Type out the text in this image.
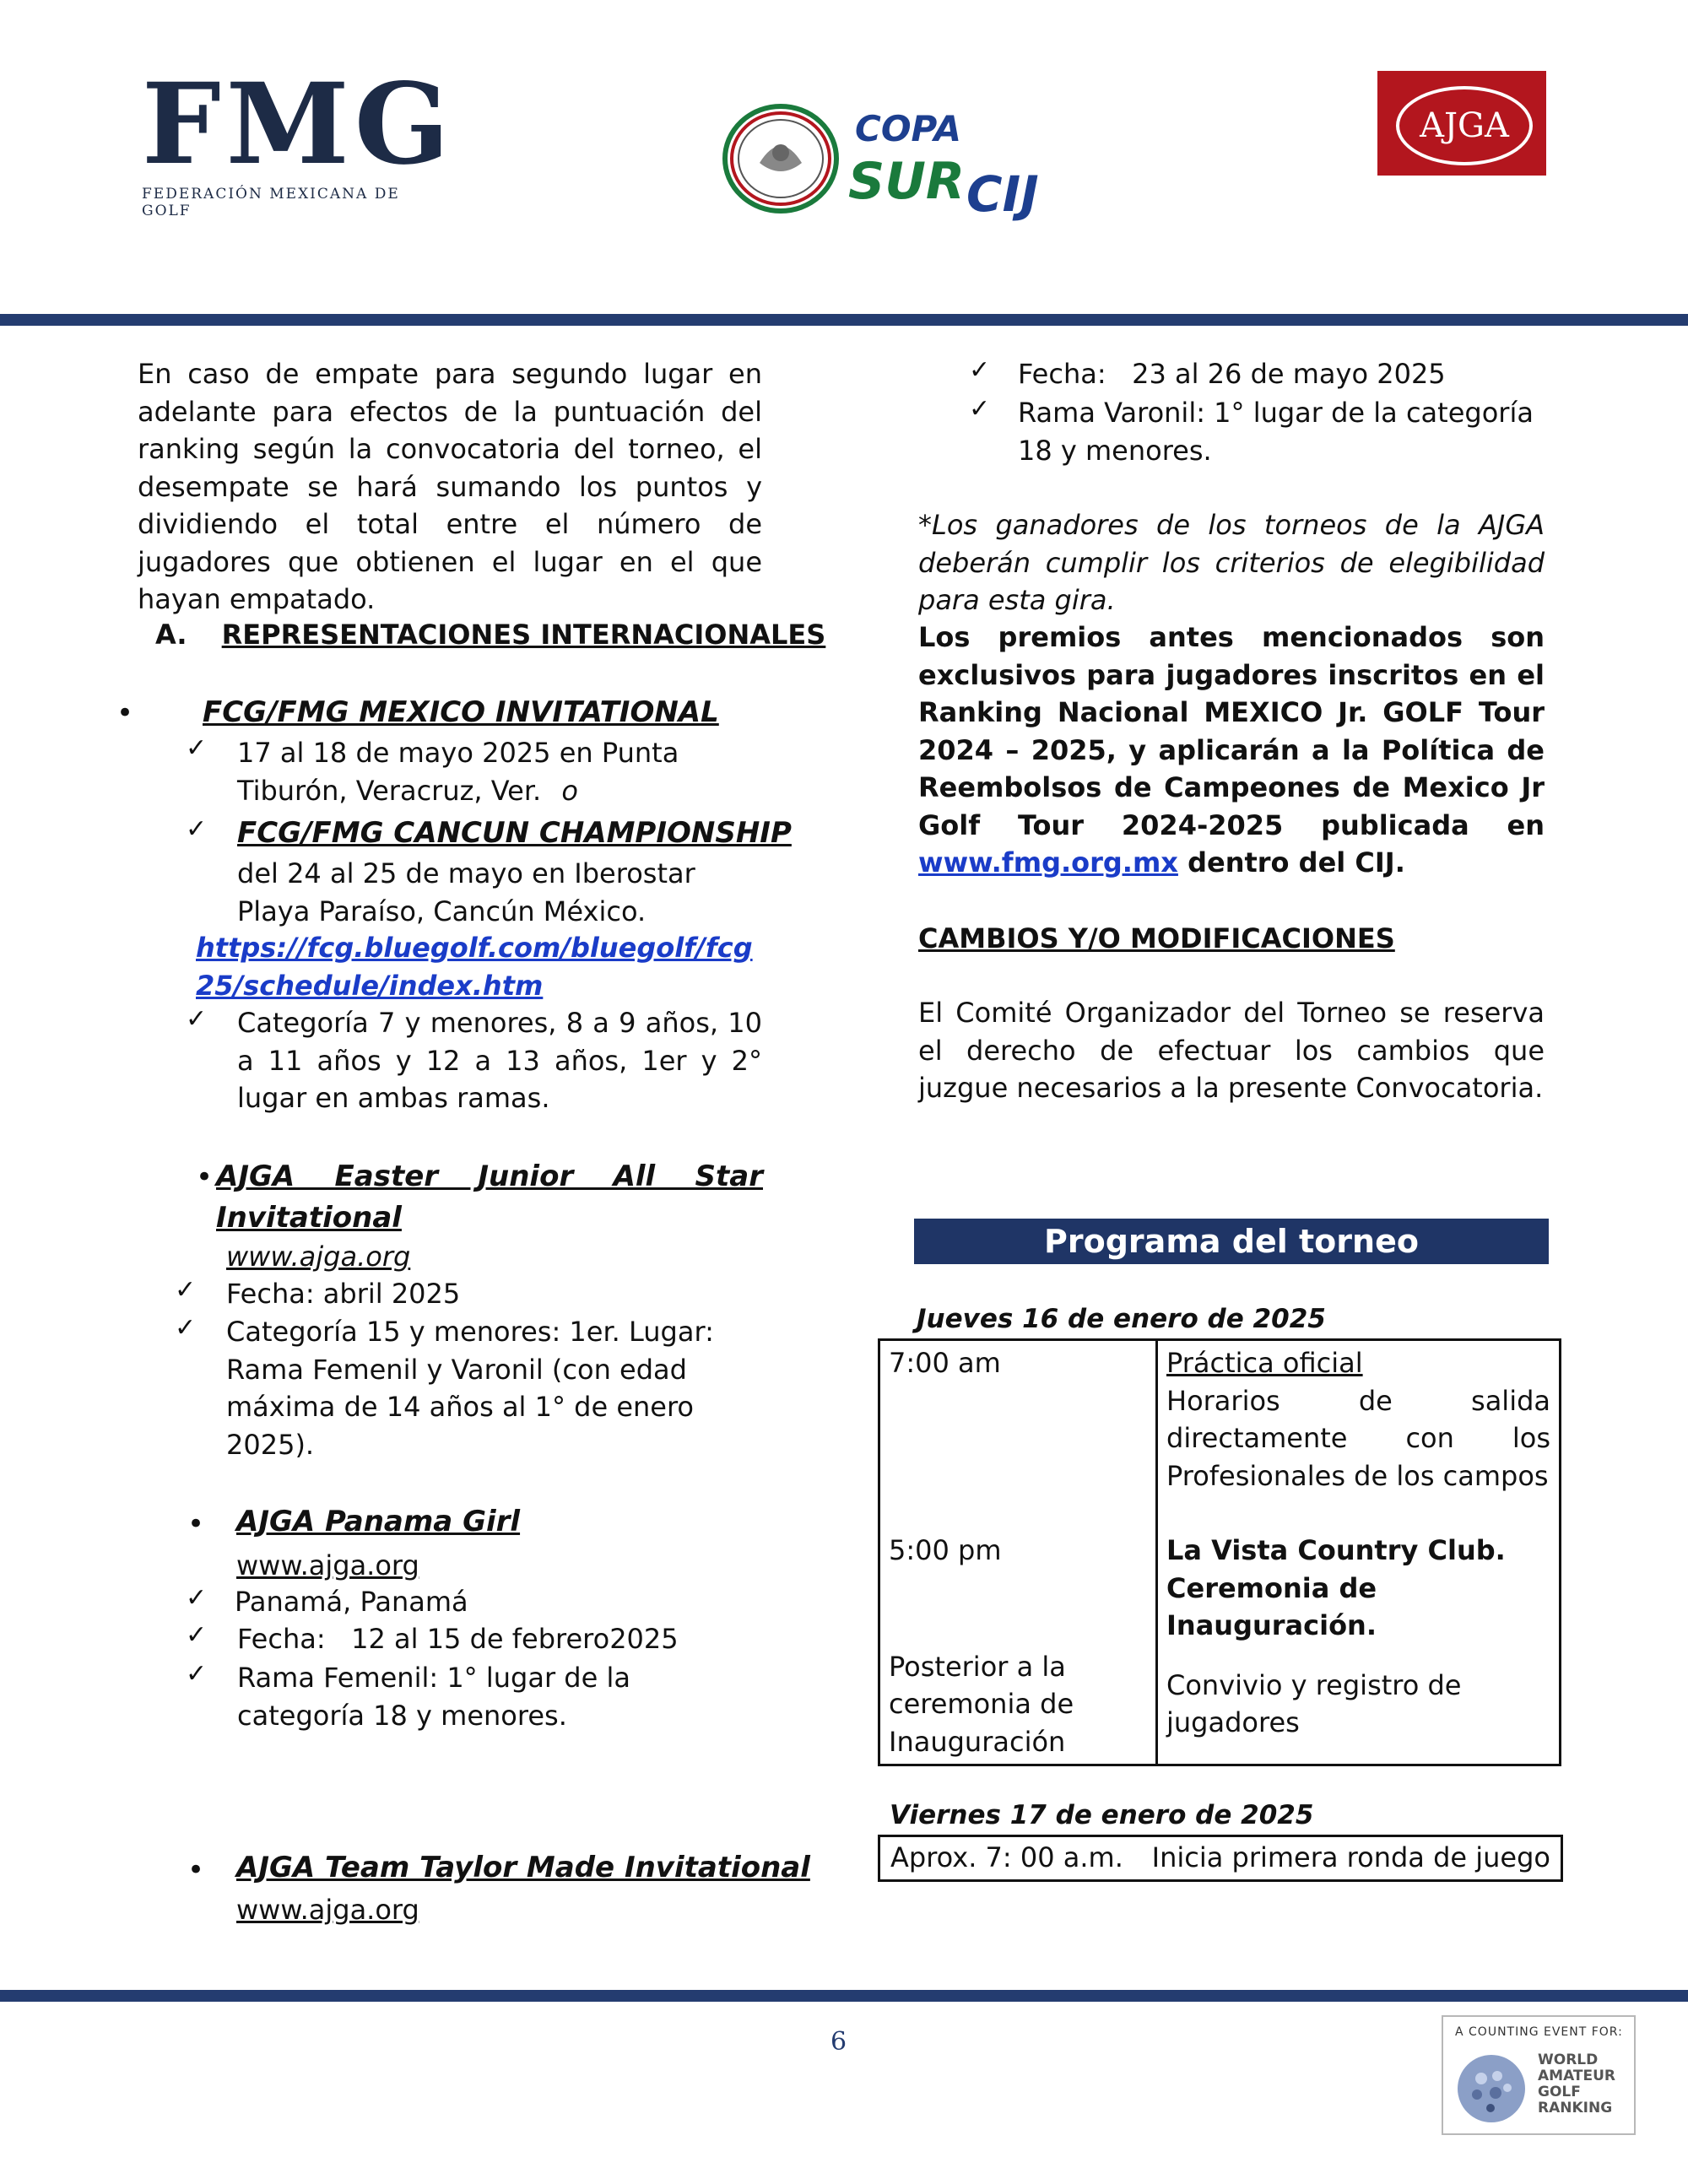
FMG
FEDERACIÓN MEXICANA DE GOLF
COPA
SUR CIJ
AJGA
En caso de empate para segundo lugar en adelante para efectos de la puntuación del ranking según la convocatoria del torneo, el desempate se hará sumando los puntos y dividiendo el total entre el número de jugadores que obtienen el lugar en el que hayan empatado.
A. REPRESENTACIONES INTERNACIONALES
• FCG/FMG MEXICO INVITATIONAL
✓ 17 al 18 de mayo 2025 en Punta Tiburón, Veracruz, Ver. o
✓ FCG/FMG CANCUN CHAMPIONSHIP
del 24 al 25 de mayo en Iberostar Playa Paraíso, Cancún México.
https://fcg.bluegolf.com/bluegolf/fcg25/schedule/index.htm
✓ Categoría 7 y menores, 8 a 9 años, 10 a 11 años y 12 a 13 años, 1er y 2° lugar en ambas ramas.
• AJGA Easter Junior All Star Invitational
www.ajga.org
✓ Fecha: abril 2025
✓ Categoría 15 y menores: 1er. Lugar: Rama Femenil y Varonil (con edad máxima de 14 años al 1° de enero 2025).
• AJGA Panama Girl
www.ajga.org
✓ Panamá, Panamá
✓ Fecha:   12 al 15 de febrero2025
✓ Rama Femenil: 1° lugar de la categoría 18 y menores.
• AJGA Team Taylor Made Invitational
www.ajga.org
✓ Fecha:   23 al 26 de mayo 2025
✓ Rama Varonil: 1° lugar de la categoría 18 y menores.
*Los ganadores de los torneos de la AJGA deberán cumplir los criterios de elegibilidad para esta gira.
Los premios antes mencionados son exclusivos para jugadores inscritos en el Ranking Nacional MEXICO Jr. GOLF Tour 2024 – 2025, y aplicarán a la Política de Reembolsos de Campeones de Mexico Jr Golf Tour 2024-2025 publicada en www.fmg.org.mx dentro del CIJ.
CAMBIOS Y/O MODIFICACIONES
El Comité Organizador del Torneo se reserva el derecho de efectuar los cambios que juzgue necesarios a la presente Convocatoria.
Programa del torneo
Jueves 16 de enero de 2025
7:00 am	Práctica oficial
Horarios de salida directamente con los Profesionales de los campos

5:00 pm	La Vista Country Club. Ceremonia de Inauguración.
Posterior a la ceremonia de Inauguración	Convivio y registro de jugadores
Viernes 17 de enero de 2025
Aprox. 7: 00 a.m. Inicia primera ronda de juego
6	A COUNTING EVENT FOR:
WORLD
AMATEUR
GOLF
RANKING
